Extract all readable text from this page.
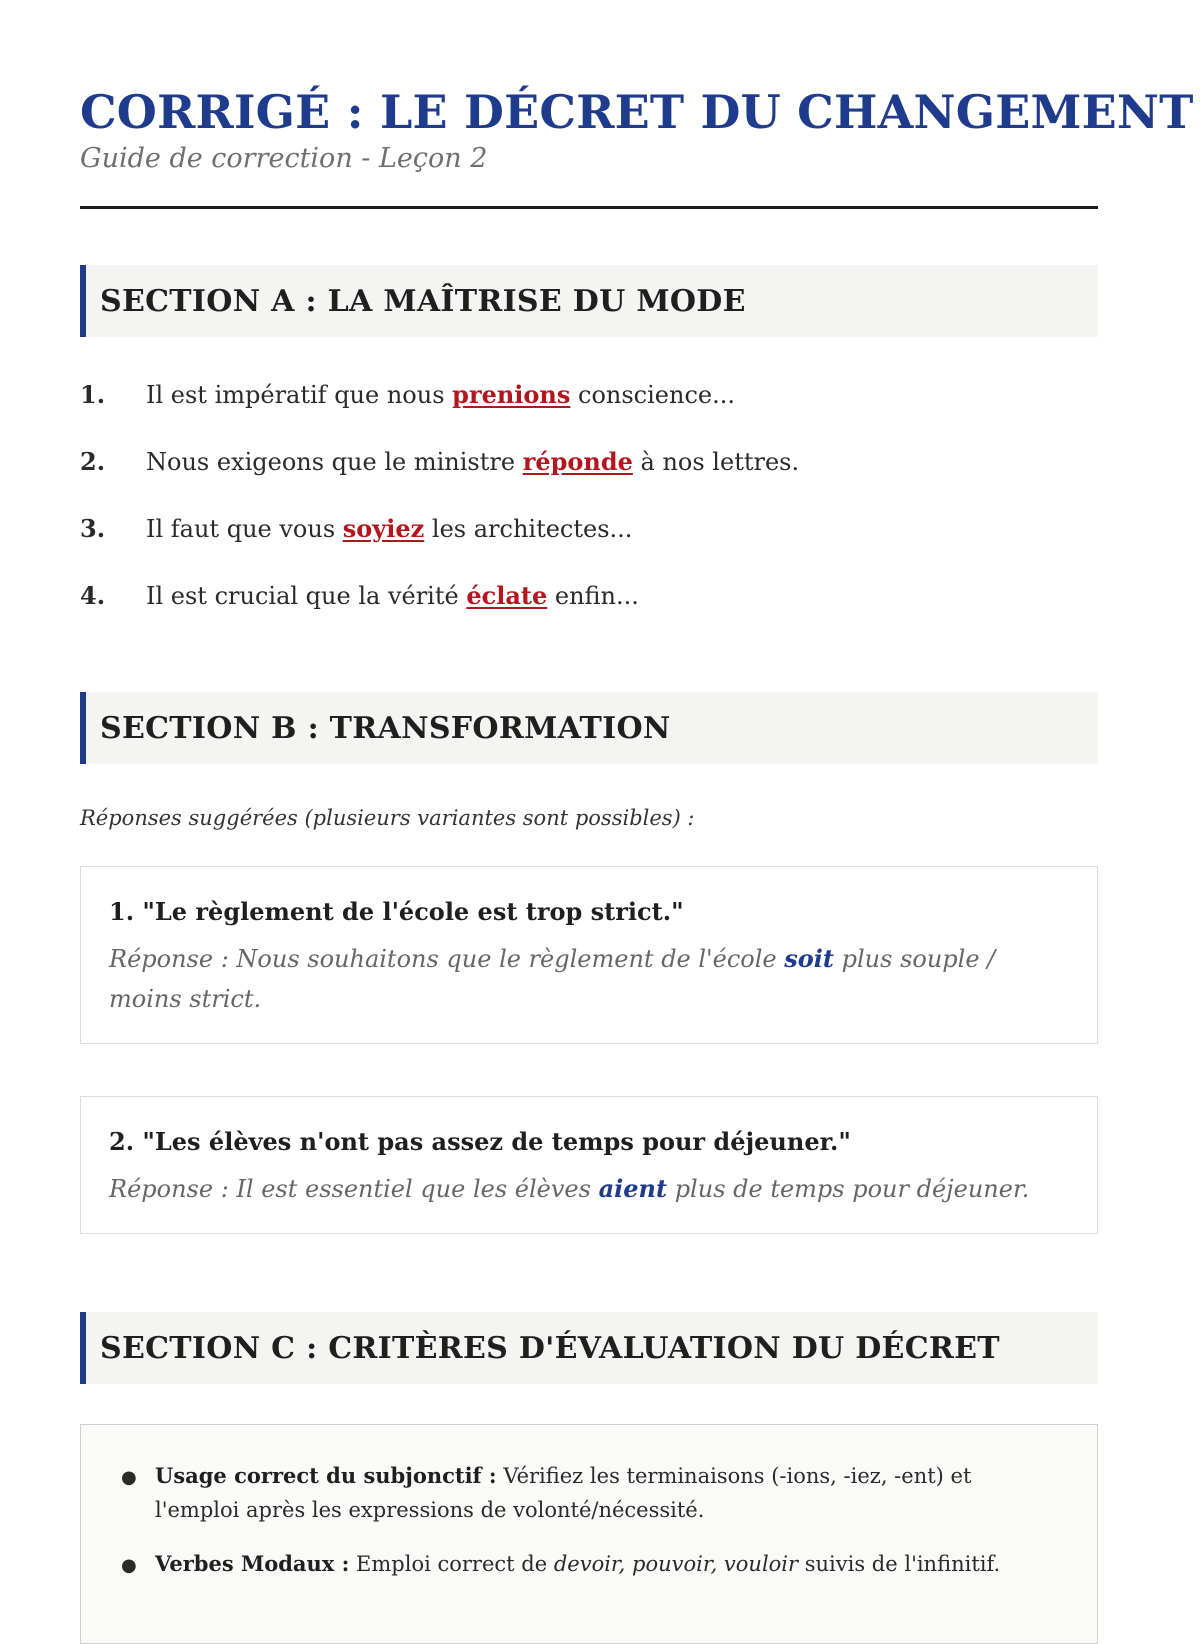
CORRIGÉ : LE DÉCRET DU CHANGEMENT
Guide de correction - Leçon 2
SECTION A : LA MAÎTRISE DU MODE
1.	Il est impératif que nous prenions conscience...
2.	Nous exigeons que le ministre réponde à nos lettres.
3.	Il faut que vous soyiez les architectes...
4.	Il est crucial que la vérité éclate enfin...
SECTION B : TRANSFORMATION
Réponses suggérées (plusieurs variantes sont possibles) :
1. "Le règlement de l'école est trop strict."
Réponse : Nous souhaitons que le règlement de l'école soit plus souple / moins strict.
2. "Les élèves n'ont pas assez de temps pour déjeuner."
Réponse : Il est essentiel que les élèves aient plus de temps pour déjeuner.
SECTION C : CRITÈRES D'ÉVALUATION DU DÉCRET
● Usage correct du subjonctif : Vérifiez les terminaisons (-ions, -iez, -ent) et l'emploi après les expressions de volonté/nécessité.
● Verbes Modaux : Emploi correct de devoir, pouvoir, vouloir suivis de l'infinitif.
